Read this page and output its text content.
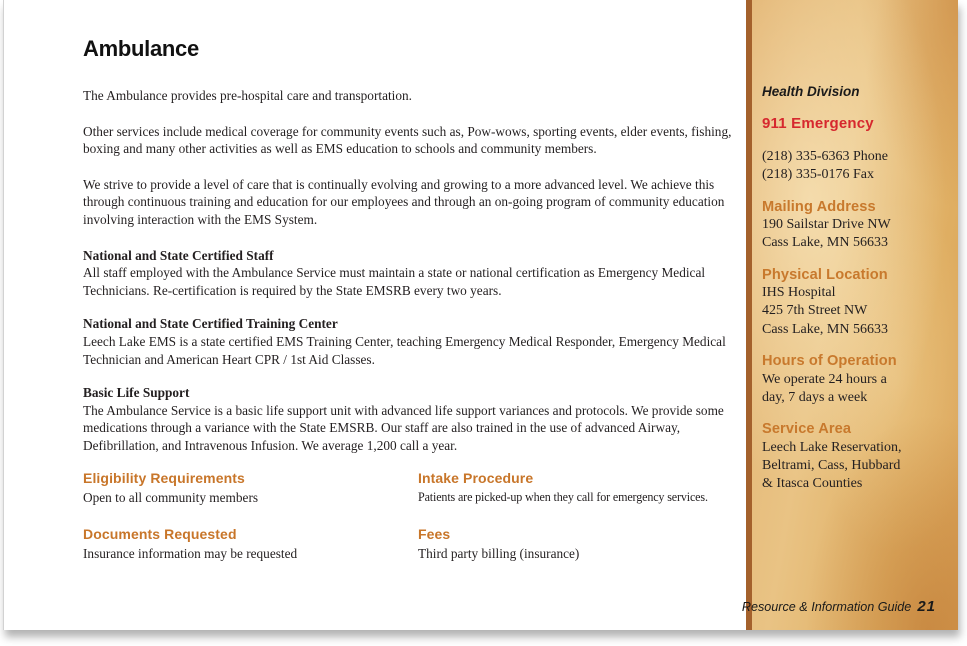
Ambulance

The Ambulance provides pre-hospital care and transportation.

Other services include medical coverage for community events such as, Pow-wows, sporting events, elder events, fishing, boxing and many other activities as well as EMS education to schools and community members.

We strive to provide a level of care that is continually evolving and growing to a more advanced level. We achieve this through continuous training and education for our employees and through an on-going program of community education involving interaction with the EMS System.

National and State Certified Staff

All staff employed with the Ambulance Service must maintain a state or national certification as Emergency Medical Technicians. Re-certification is required by the State EMSRB every two years.

National and State Certified Training Center

Leech Lake EMS is a state certified EMS Training Center, teaching Emergency Medical Responder, Emergency Medical Technician and American Heart CPR / 1st Aid Classes.

Basic Life Support

The Ambulance Service is a basic life support unit with advanced life support variances and protocols. We provide some medications through a variance with the State EMSRB. Our staff are also trained in the use of advanced Airway, Defibrillation, and Intravenous Infusion. We average 1,200 call a year.

Eligibility Requirements

Open to all community members

Intake Procedure

Patients are picked-up when they call for emergency services.

Documents Requested

Insurance information may be requested

Fees

Third party billing (insurance)

Health Division
911 Emergency
(218) 335-6363 Phone
(218) 335-0176 Fax
Mailing Address
190 Sailstar Drive NW
Cass Lake, MN 56633
Physical Location
IHS Hospital
425 7th Street NW
Cass Lake, MN 56633
Hours of Operation
We operate 24 hours a
day, 7 days a week
Service Area
Leech Lake Reservation,
Beltrami, Cass, Hubbard
& Itasca Counties
Resource & Information Guide 21
